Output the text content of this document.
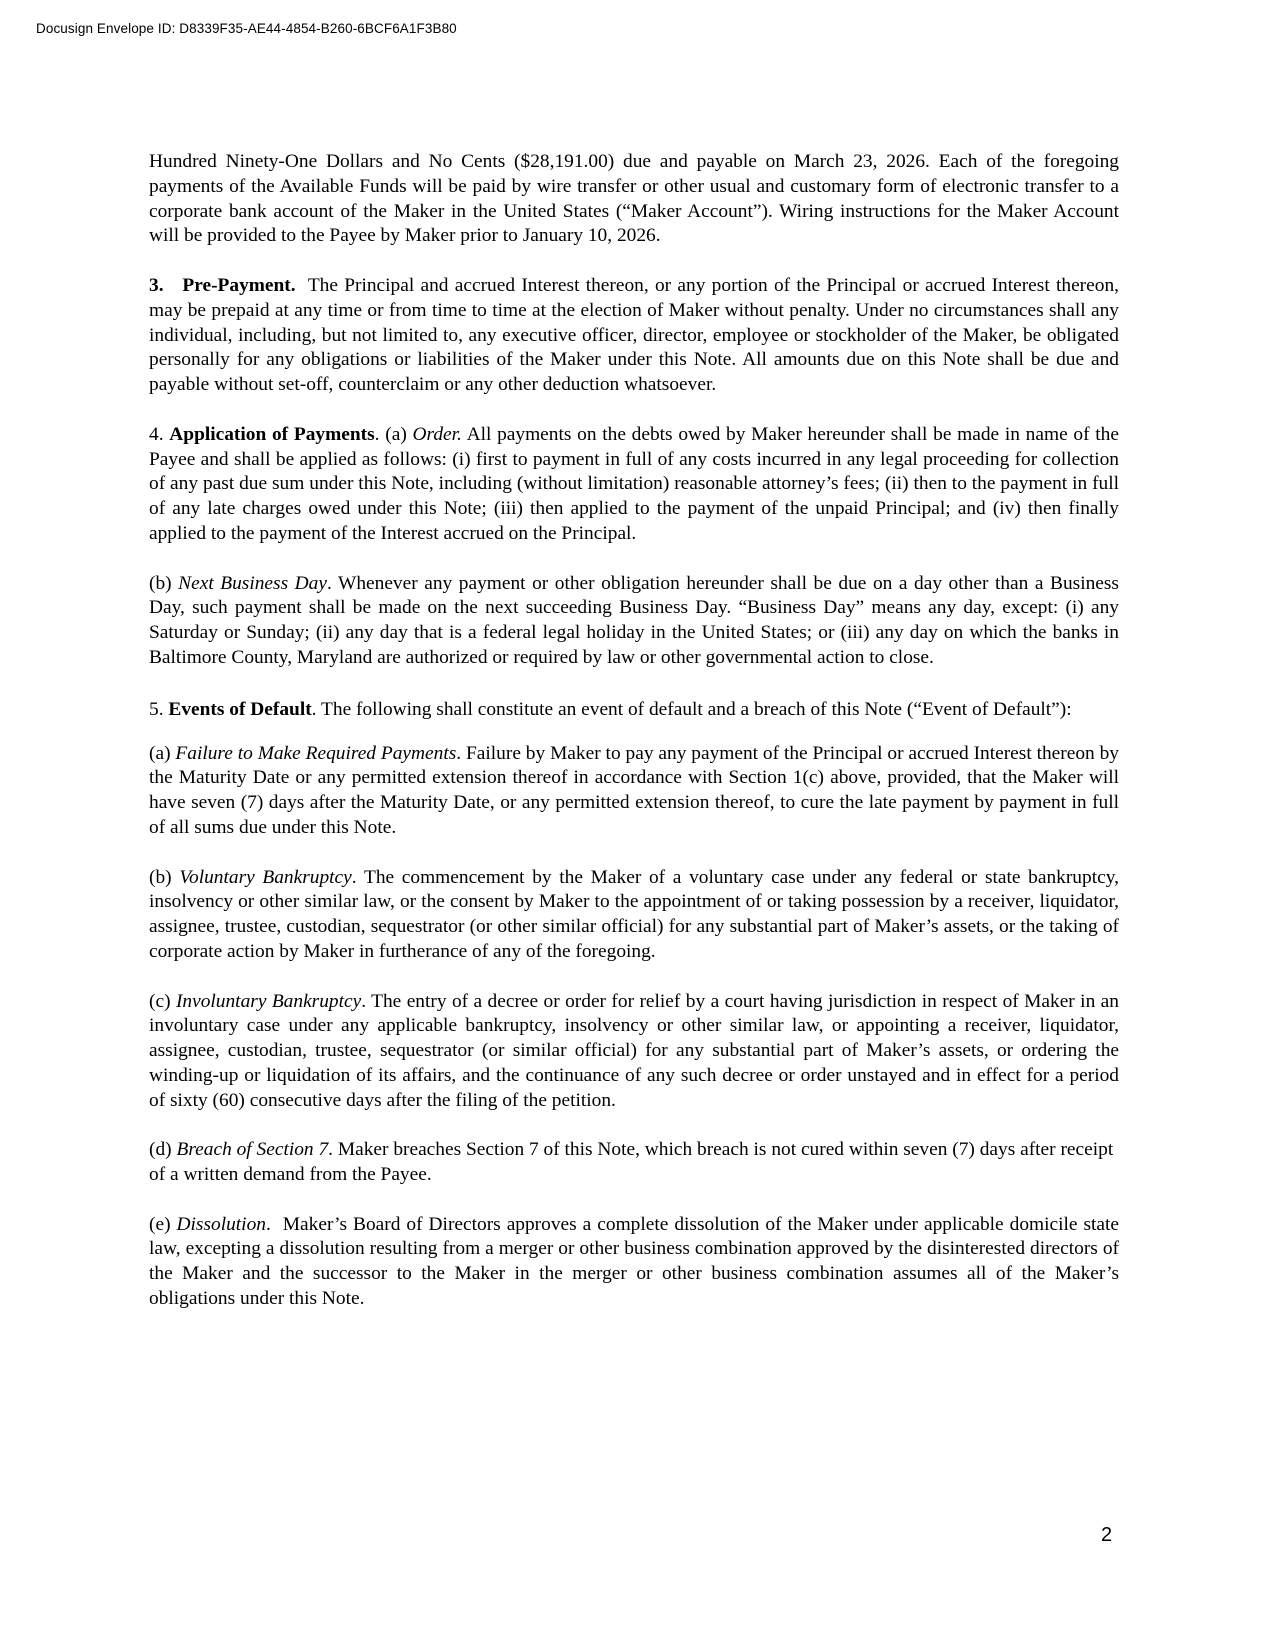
Docusign Envelope ID: D8339F35-AE44-4854-B260-6BCF6A1F3B80

Hundred Ninety-One Dollars and No Cents ($28,191.00) due and payable on March 23, 2026. Each of the foregoing payments of the Available Funds will be paid by wire transfer or other usual and customary form of electronic transfer to a corporate bank account of the Maker in the United States (“Maker Account”). Wiring instructions for the Maker Account will be provided to the Payee by Maker prior to January 10, 2026.

3. Pre-Payment. The Principal and accrued Interest thereon, or any portion of the Principal or accrued Interest thereon, may be prepaid at any time or from time to time at the election of Maker without penalty. Under no circumstances shall any individual, including, but not limited to, any executive officer, director, employee or stockholder of the Maker, be obligated personally for any obligations or liabilities of the Maker under this Note. All amounts due on this Note shall be due and payable without set-off, counterclaim or any other deduction whatsoever.

4. Application of Payments. (a) Order. All payments on the debts owed by Maker hereunder shall be made in name of the Payee and shall be applied as follows: (i) first to payment in full of any costs incurred in any legal proceeding for collection of any past due sum under this Note, including (without limitation) reasonable attorney’s fees; (ii) then to the payment in full of any late charges owed under this Note; (iii) then applied to the payment of the unpaid Principal; and (iv) then finally applied to the payment of the Interest accrued on the Principal.

(b) Next Business Day. Whenever any payment or other obligation hereunder shall be due on a day other than a Business Day, such payment shall be made on the next succeeding Business Day. “Business Day” means any day, except: (i) any Saturday or Sunday; (ii) any day that is a federal legal holiday in the United States; or (iii) any day on which the banks in Baltimore County, Maryland are authorized or required by law or other governmental action to close.

5. Events of Default. The following shall constitute an event of default and a breach of this Note (“Event of Default”):

(a) Failure to Make Required Payments. Failure by Maker to pay any payment of the Principal or accrued Interest thereon by the Maturity Date or any permitted extension thereof in accordance with Section 1(c) above, provided, that the Maker will have seven (7) days after the Maturity Date, or any permitted extension thereof, to cure the late payment by payment in full of all sums due under this Note.

(b) Voluntary Bankruptcy. The commencement by the Maker of a voluntary case under any federal or state bankruptcy, insolvency or other similar law, or the consent by Maker to the appointment of or taking possession by a receiver, liquidator, assignee, trustee, custodian, sequestrator (or other similar official) for any substantial part of Maker’s assets, or the taking of corporate action by Maker in furtherance of any of the foregoing.

(c) Involuntary Bankruptcy. The entry of a decree or order for relief by a court having jurisdiction in respect of Maker in an involuntary case under any applicable bankruptcy, insolvency or other similar law, or appointing a receiver, liquidator, assignee, custodian, trustee, sequestrator (or similar official) for any substantial part of Maker’s assets, or ordering the winding-up or liquidation of its affairs, and the continuance of any such decree or order unstayed and in effect for a period of sixty (60) consecutive days after the filing of the petition.

(d) Breach of Section 7. Maker breaches Section 7 of this Note, which breach is not cured within seven (7) days after receipt of a written demand from the Payee.

(e) Dissolution.  Maker’s Board of Directors approves a complete dissolution of the Maker under applicable domicile state law, excepting a dissolution resulting from a merger or other business combination approved by the disinterested directors of the Maker and the successor to the Maker in the merger or other business combination assumes all of the Maker’s obligations under this Note.

2
